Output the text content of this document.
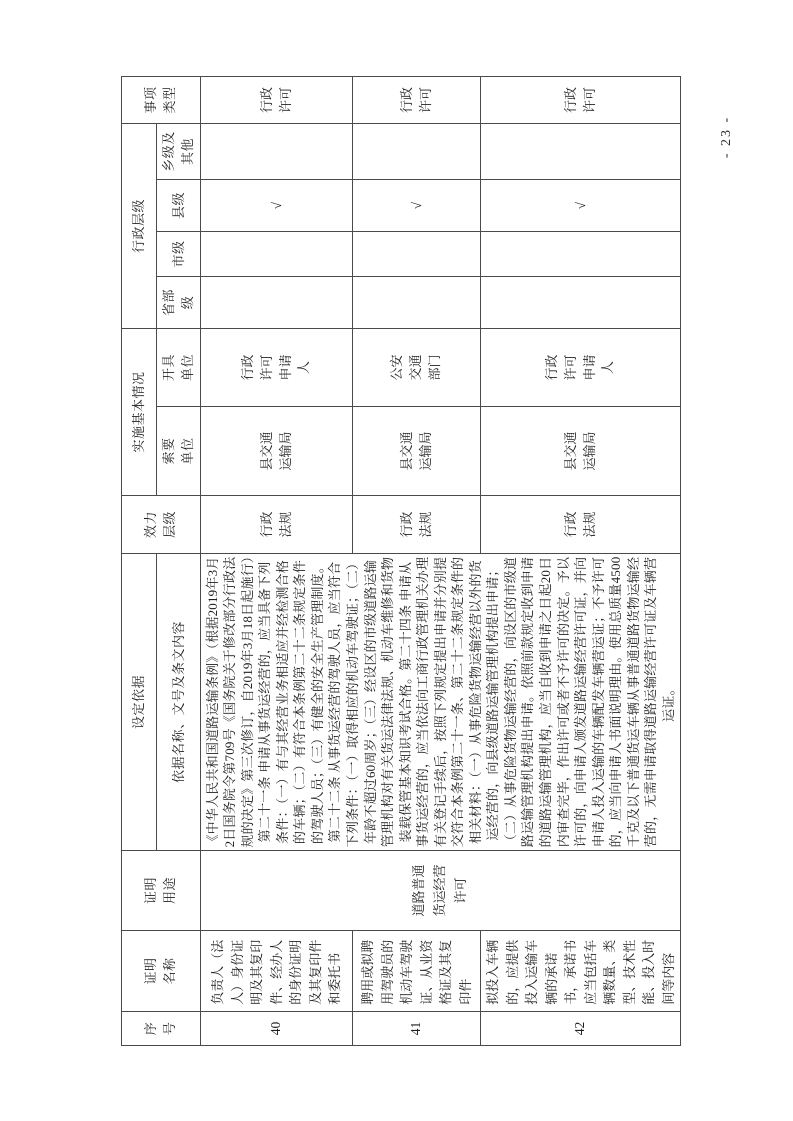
序号	证明名称	证明用途	设定依据	效力层级	实施基本情况		行政层级				事项类型
			依据名称、文号及条文内容		索要单位	开具单位	省部级	市级	县级	乡级及其他	
40	负责人（法人）身份证明及其复印件、经办人的身份证明及其复印件和委托书	道路普通货运经营许可	《中华人民共和国道路运输条例》（根据2019年3月2日国务院令第709号《国务院关于修改部分行政法规的决定》第三次修订，自2019年3月18日起施行）第二十一条 申请从事货运经营的，应当具备下列条件：（一）有与其经营业务相适应并经检测合格的车辆；（二）有符合本条例第二十二条规定条件的驾驶人员；（三）有健全的安全生产管理制度。第二十二条 从事货运经营的驾驶人员，应当符合下列条件：（一）取得相应的机动车驾驶证；（二）年龄不超过60周岁；（三）经设区的市级道路运输管理机构对有关货运法律法规、机动车维修和货物装载保管基本知识考试合格。第二十四条 申请从事货运经营的，应当依法向工商行政管理机关办理有关登记手续后，按照下列规定提出申请并分别提交符合本条例第二十一条、第二十二条规定条件的相关材料：（一）从事危险货物运输经营以外的货运经营的，向县级道路运输管理机构提出申请；（二）从事危险货物运输经营的，向设区的市级道路运输管理机构提出申请。依照前款规定收到申请的道路运输管理机构，应当自收到申请之日起20日内审查完毕，作出许可或者不予许可的决定。予以许可的，向申请人颁发道路运输经营许可证，并向申请人投入运输的车辆配发车辆营运证；不予许可的，应当向申请人书面说明理由。使用总质量4500千克及以下普通货运车辆从事普通道路货物运输经营的，无需申请取得道路运输经营许可证及车辆营运证。	行政法规	县交通运输局	行政许可申请人			√		行政许可
41	聘用或拟聘用驾驶员的机动车驾驶证、从业资格证及其复印件			行政法规	县交通运输局	公安交通部门			√		行政许可
42	拟投入车辆的，应提供投入运输车辆的承诺书，承诺书应当包括车辆数量、类型、技术性能、投入时间等内容			行政法规	县交通运输局	行政许可申请人			√		行政许可
- 23 -
